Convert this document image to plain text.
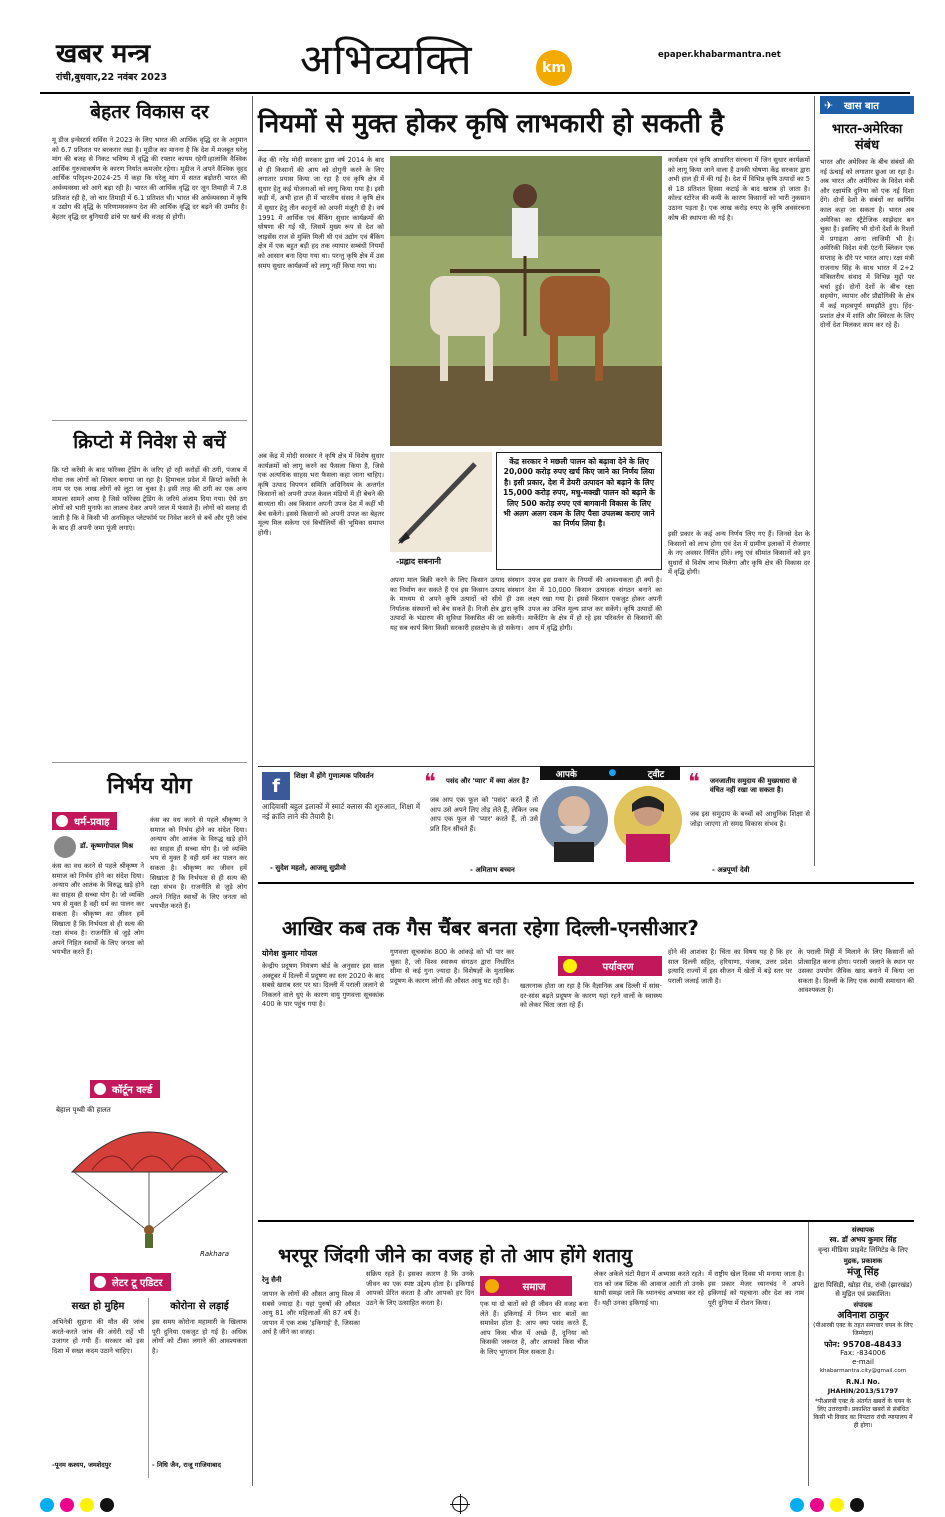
खबर मन्त्र
रांची,बुधवार,22 नवंबर 2023	अभिव्यक्ति	epaper.khabarmantra.net
km
बेहतर विकास दर
मू डीज इन्वेस्टर्स सर्विस ने 2023 के लिए भारत की आर्थिक वृद्धि दर के अनुमान को 6.7 प्रतिशत पर बरकरार रखा है। मूडीज का मानना है कि देश में मजबूत घरेलू मांग की बजह से निकट भविष्य में वृद्धि की रफ्तार कायम रहेगी।हालांकि वैश्विक आर्थिक गुरुत्वाकर्षण के कारण निर्यात कमजोर रहेगा। मूडीज ने अपने वैश्विक वृहद आर्थिक परिदृश्य-2024-25 में कहा कि घरेलू मांग में सतत बढ़ोतरी भारत की अर्थव्यवस्था को आगे बढ़ा रही है। भारत की आर्थिक वृद्धि दर जून तिमाही में 7.8 प्रतिशत रही है, जो चार तिमाही में 6.1 प्रतिशत थी। भारत की अर्थव्यवस्था में कृषि व उद्योग की वृद्धि के परिणामस्वरूप देश की आर्थिक वृद्धि दर बढ़ने की उम्मीद है। बेहतर वृद्धि दर बुनियादी ढांचे पर खर्च की वजह से होगी।
क्रिप्टो में निवेश से बचें
क्रि प्टो करेंसी के बाद फॉरेक्स ट्रेडिंग के जरिए हो रही करोड़ों की ठगी, पंजाब में गोवा तक लोगों को शिकार बनाया जा रहा है। हिमाचल प्रदेश में क्रिप्टो करेंसी के नाम पर एक लाख लोगों को लूटा जा चुका है। इसी तरह की ठगी का एक अन्य मामला सामने आया है जिसे फॉरेक्स ट्रेडिंग के जरिये अंजाम दिया गया। ऐसे ठग लोगों को भारी मुनाफे का लालच देकर अपने जाल में फंसाते हैं। लोगों को सलाह दी जाती है कि वे किसी भी अनधिकृत प्लेटफॉर्म पर निवेश करने से बचें और पूरी जांच के बाद ही अपनी जमा पूंजी लगाएं।
निर्भय योग
धर्म-प्रवाह
डॉ. कृष्णगोपाल मिश्र
कंस का वध करने से पहले श्रीकृष्ण ने समाज को निर्भय होने का संदेश दिया। अन्याय और आतंक के विरुद्ध खड़े होने का साहस ही सच्चा योग है। जो व्यक्ति भय से मुक्त है वही धर्म का पालन कर सकता है। श्रीकृष्ण का जीवन हमें सिखाता है कि निर्भयता से ही सत्य की रक्षा संभव है। राजनीति से जुड़े लोग अपने निहित स्वार्थों के लिए जनता को भयभीत करते हैं।
कंस का वध करने से पहले श्रीकृष्ण ने समाज को निर्भय होने का संदेश दिया। अन्याय और आतंक के विरुद्ध खड़े होने का साहस ही सच्चा योग है। जो व्यक्ति भय से मुक्त है वही धर्म का पालन कर सकता है। श्रीकृष्ण का जीवन हमें सिखाता है कि निर्भयता से ही सत्य की रक्षा संभव है। राजनीति से जुड़े लोग अपने निहित स्वार्थों के लिए जनता को भयभीत करते हैं।
कॉर्टून वर्ल्ड
बेहाल पृथ्वी की हालत
Rakhara
लेटर टू एडिटर
सख्त हो मुहिम
अभिनेत्री सुहाना की मौत की जांच करते-करते जांच की अंधेरी राहें भी उजागर हो गयी हैं। सरकार को इस दिशा में सख्त कदम उठाने चाहिए।
-पूनम कश्यप, जमशेदपुर
कोरोना से लड़ाई
इस समय कोरोना महामारी के खिलाफ पूरी दुनिया एकजुट हो गई है। अधिक लोगों को टीका लगाने की आवश्यकता है।
- निधि जैन, राजू गाजियाबाद
नियमों से मुक्त होकर कृषि लाभकारी हो सकती है
केंद्र की नरेंद्र मोदी सरकार द्वारा वर्ष 2014 के बाद से ही किसानों की आय को दोगुनी करने के लिए लगातार प्रयास किया जा रहा है एवं कृषि क्षेत्र में सुधार हेतु कई योजनाओं को लागू किया गया है। इसी कड़ी में, अभी हाल ही में भारतीय संसद ने कृषि क्षेत्र में सुधार हेतु तीन कानूनों को अपनी मंजूरी दी है। वर्ष 1991 में आर्थिक एवं बैंकिंग सुधार कार्यक्रमों की घोषणा की गई थी, जिसमें मुख्य रूप से देश को लाइसेंस राज से मुक्ति मिली थी एवं उद्योग एवं बैंकिंग क्षेत्र में एक बहुत बड़ी हद तक व्यापार सम्बंधी नियमों को आसान बना दिया गया था। परन्तु कृषि क्षेत्र में उस समय सुधार कार्यक्रमों को लागू नहीं किया गया था।
अब केंद्र में मोदी सरकार ने कृषि क्षेत्र में विशेष सुधार कार्यक्रमों को लागू करने का फैसला किया है, जिसे एक अत्यधिक साहस भरा फैसला कहा जाना चाहिए। कृषि उत्पाद विपणन समिति अधिनियम के अन्तर्गत किसानों को अपनी उपज केवल मंडियों में ही बेचने की बाध्यता थी। अब किसान अपनी उपज देश में कहीं भी बेच सकेंगे। इससे किसानों को अपनी उपज का बेहतर मूल्य मिल सकेगा एवं बिचौलियों की भूमिका समाप्त होगी।
-प्रह्लाद सबनानी
केंद्र सरकार ने मछली पालन को बढ़ावा देने के लिए 20,000 करोड़ रुपए खर्च किए जाने का निर्णय लिया है। इसी प्रकार, देश में डेयरी उत्पादन को बढ़ाने के लिए 15,000 करोड़ रुपए, मधु-मक्खी पालन को बढ़ाने के लिए 500 करोड़ रुपए एवं बागवानी विकास के लिए भी अलग अलग रकम के लिए पैसा उपलब्ध कराए जाने का निर्णय लिया है।
अपना माल बिक्री करने के लिए किसान उत्पाद संस्थान का निर्माण कर सकते हैं एवं इस किसान उत्पाद संस्थान के माध्यम से अपने कृषि उत्पादों को सीधे ही उस निर्यातक संस्थानों को बेच सकते हैं। निजी क्षेत्र द्वारा कृषि उत्पादों के भंडारण की सुविधा विकसित की जा सकेगी। यह सब कार्य बिना किसी सरकारी हस्तक्षेप के हो सकेगा।
उपज इस प्रकार के नियमों की आवश्यकता ही क्यों है। देश में 10,000 किसान उत्पादक संगठन बनाने का लक्ष्य रखा गया है। इससे किसान एकजुट होकर अपनी उपज का उचित मूल्य प्राप्त कर सकेंगे। कृषि उत्पादों की मार्केटिंग के क्षेत्र में हो रहे इस परिवर्तन से किसानों की आय में वृद्धि होगी।
कार्यक्रम एवं कृषि आधारित संरचना में जिन सुधार कार्यक्रमों को लागू किया जाने वाला है उनकी घोषणा केंद्र सरकार द्वारा अभी हाल ही में की गई है। देश में विभिन्न कृषि उत्पादों का 5 से 18 प्रतिशत हिस्सा कटाई के बाद खराब हो जाता है। कोल्ड स्टोरेज की कमी के कारण किसानों को भारी नुकसान उठाना पड़ता है। एक लाख करोड़ रुपए के कृषि अवसंरचना कोष की स्थापना की गई है।
इसी प्रकार के कई अन्य निर्णय लिए गए हैं। जिनसे देश के किसानों को लाभ होगा एवं देश में ग्रामीण इलाकों में रोजगार के नए अवसर निर्मित होंगे। लघु एवं सीमांत किसानों को इन सुधारों से विशेष लाभ मिलेगा और कृषि क्षेत्र की विकास दर में वृद्धि होगी।
✈ खास बात
भारत-अमेरिका संबंध
भारत और अमेरिका के बीच संबंधों की नई ऊंचाई को लगातार छुआ जा रहा है। अब भारत और अमेरिका के विदेश मंत्री और रक्षामंत्रि दुनिया को एक नई दिशा देंगे। दोनों देशों के संबंधों का स्वर्णिम काल कहा जा सकता है। भारत अब अमेरिका का स्ट्रैटेजिक साझेदार बन चुका है। इसलिए भी दोनों देशों के रिश्तों में प्रगाढ़ता आना लाजिमी भी है। अमेरिकी विदेश मंत्री एंटनी ब्लिंकन एक सप्ताह के दौरे पर भारत आए। रक्षा मंत्री राजनाथ सिंह के साथ भारत में 2+2 मंत्रिस्तरीय संवाद में विभिन्न मुद्दों पर चर्चा हुई। दोनों देशों के बीच रक्षा सहयोग, व्यापार और प्रौद्योगिकी के क्षेत्र में कई महत्वपूर्ण समझौते हुए। हिंद-प्रशांत क्षेत्र में शांति और स्थिरता के लिए दोनों देश मिलकर काम कर रहे हैं।
f	शिक्षा में होंगे गुणात्मक परिवर्तन
आदिवासी बहुल इलाकों में स्मार्ट क्लास की शुरुआत, शिक्षा में नई क्रांति लाने की तैयारी है।
- सुदेश महतो, आजसू सुप्रीमो
आपके	●	ट्वीट
❝ पसंद और 'प्यार' में क्या अंतर है?
जब आप एक फूल को 'पसंद' करते हैं तो आप उसे अपने लिए तोड़ लेते हैं, लेकिन जब आप एक फूल से 'प्यार' करते हैं, तो उसे प्रति दिन सींचते हैं।
- अमिताभ बच्चन
❝ जनजातीय समुदाय की मुख्यधारा से वंचित नहीं रखा जा सकता है।
जब इस समुदाय के बच्चों को आधुनिक शिक्षा से जोड़ा जाएगा तो समग्र विकास संभव है।
- अन्नपूर्णा देवी
आखिर कब तक गैस चैंबर बनता रहेगा दिल्ली-एनसीआर?
योगेश कुमार गोयल
केन्द्रीय प्रदूषण नियंत्रण बोर्ड के अनुसार इस साल अक्टूबर में दिल्ली में प्रदूषण का स्तर 2020 के बाद सबसे खराब स्तर पर था। दिल्ली में पराली जलाने से निकलने वाले धुएं के कारण वायु गुणवत्ता सूचकांक 400 के पार पहुंच गया है।
गुणवत्ता सूचकांक 800 के आंकड़े को भी पार कर चुका है, जो विश्व स्वास्थ्य संगठन द्वारा निर्धारित सीमा से कई गुना ज्यादा है। विशेषज्ञों के मुताबिक प्रदूषण के कारण लोगों की औसत आयु घट रही है।
पर्यावरण
खतरनाक होता जा रहा है कि वैज्ञानिक अब दिल्ली में सांस-दर-सांस बढ़ते प्रदूषण के कारण यहां रहने वालों के स्वास्थ्य को लेकर चिंता जता रहे हैं।
होने की आशंका है। चिंता का विषय यह है कि हर साल दिल्ली सहित, हरियाणा, पंजाब, उत्तर प्रदेश इत्यादि राज्यों में इस सीजन में खेतों में बड़े स्तर पर पराली जलाई जाती है।
के पराली मिट्टी में मिलाने के लिए किसानों को प्रोत्साहित करना होगा। पराली जलाने के स्थान पर उसका उपयोग जैविक खाद बनाने में किया जा सकता है। दिल्ली के लिए एक स्थायी समाधान की आवश्यकता है।
भरपूर जिंदगी जीने का वजह हो तो आप होंगे शतायु
रेनु सैनी
जापान के लोगों की औसत आयु विश्व में सबसे ज्यादा है। यहां पुरुषों की औसत आयु 81 और महिलाओं की 87 वर्ष है। जापान में एक शब्द 'इकिगाई' है, जिसका अर्थ है जीने का वजह।
सक्रिय रहते हैं। इसका कारण है कि उनके जीवन का एक स्पष्ट उद्देश्य होता है। इकिगाई आपको प्रेरित करता है और आपको हर दिन उठने के लिए उत्साहित करता है।
समाज
एक या दो बातों को ही जीवन की वजह बना लेते हैं। इकिगाई में निम्न चार बातों का समावेश होता है: आप क्या पसंद करते हैं, आप किस चीज में अच्छे हैं, दुनिया को किसकी जरूरत है, और आपको किस चीज के लिए भुगतान मिल सकता है।
लेकर अकेले घंटों मैदान में अभ्यास करते रहते। रात को जब स्टिक की आवाज आती तो उनके साथी समझ जाते कि ध्यानचंद अभ्यास कर रहे हैं। यही उनका इकिगाई था।
में राष्ट्रीय खेल दिवस भी मनाया जाता है। इस प्रकार मेजर ध्यानचंद ने अपने इकिगाई को पहचाना और देश का नाम पूरी दुनिया में रोशन किया।
संस्थापक
स्व. डॉ अभय कुमार सिंह
वृन्दा मीडिया प्राइवेट लिमिटेड के लिए
मुद्रक, प्रकाशक
मंजू सिंह
द्वारा पिसिड़ी, खोड़ा रोड, रांची (झारखंड) से मुद्रित एवं प्रकाशित।
संपादक
अविनाश ठाकुर
(पीआरबी एक्ट के तहत समाचार चयन के लिए जिम्मेदार)
फोन: 95708-48433
Fax: -834006
e-mail
khabarmantra.city@gmail.com
R.N.I No.
JHAHIN/2013/51797
*पीआरबी एक्ट के अंतर्गत खबरों के चयन के लिए उत्तरदायी। प्रकाशित खबरों से संबंधित किसी भी विवाद का निपटारा रांची न्यायालय में ही होगा।
